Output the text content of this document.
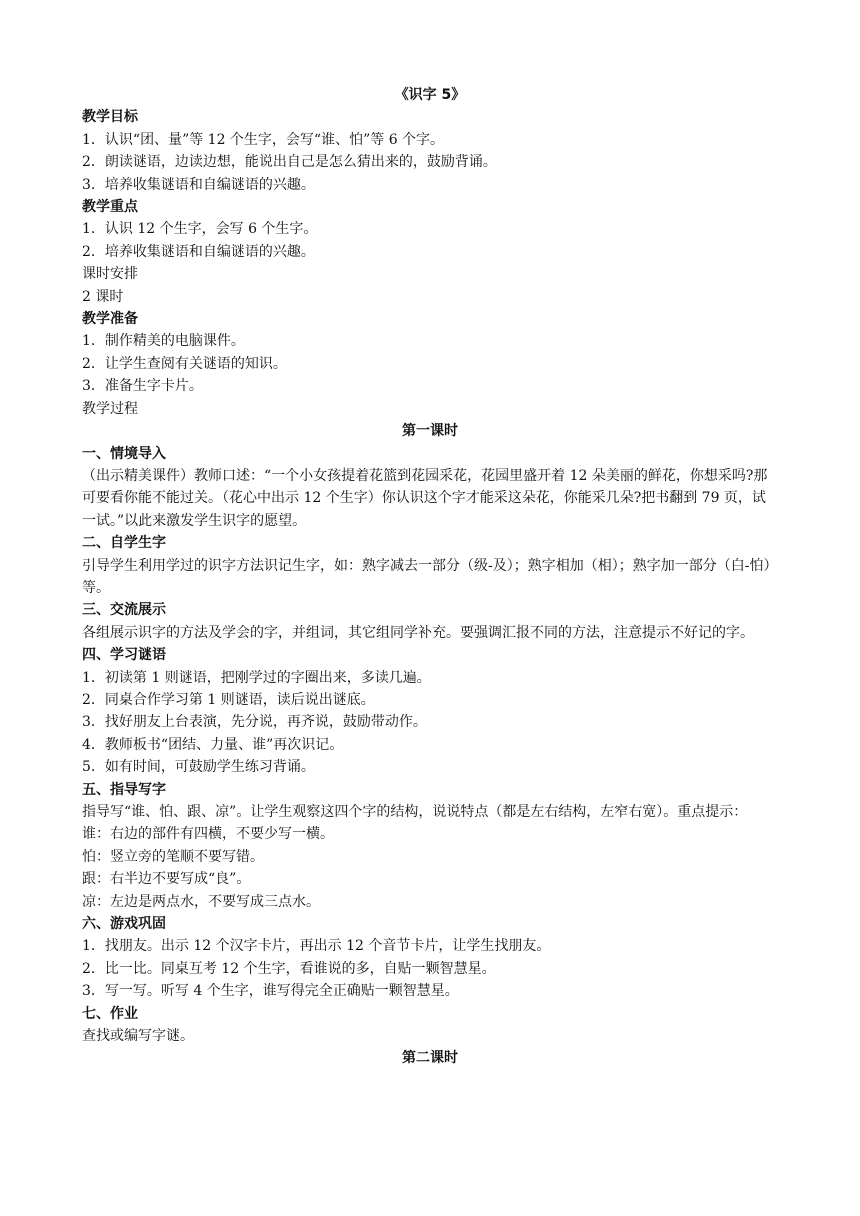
《识字 5》
教学目标
1．认识“团、量”等 12 个生字，会写“谁、怕”等 6 个字。
2．朗读谜语，边读边想，能说出自己是怎么猜出来的，鼓励背诵。
3．培养收集谜语和自编谜语的兴趣。
教学重点
1．认识 12 个生字，会写 6 个生字。
2．培养收集谜语和自编谜语的兴趣。
课时安排
2 课时
教学准备
1．制作精美的电脑课件。
2．让学生查阅有关谜语的知识。
3．准备生字卡片。
教学过程
第一课时
一、情境导入
（出示精美课件）教师口述：“一个小女孩提着花篮到花园采花，花园里盛开着 12 朵美丽的鲜花，你想采吗?那可要看你能不能过关。（花心中出示 12 个生字）你认识这个字才能采这朵花，你能采几朵?把书翻到 79 页，试一试。”以此来激发学生识字的愿望。
二、自学生字
引导学生利用学过的识字方法识记生字，如：熟字减去一部分（级-及）；熟字相加（相）；熟字加一部分（白-怕）等。
三、交流展示
各组展示识字的方法及学会的字，并组词，其它组同学补充。要强调汇报不同的方法，注意提示不好记的字。
四、学习谜语
1．初读第 1 则谜语，把刚学过的字圈出来，多读几遍。
2．同桌合作学习第 1 则谜语，读后说出谜底。
3．找好朋友上台表演，先分说，再齐说，鼓励带动作。
4．教师板书“团结、力量、谁”再次识记。
5．如有时间，可鼓励学生练习背诵。
五、指导写字
指导写“谁、怕、跟、凉”。让学生观察这四个字的结构，说说特点（都是左右结构，左窄右宽）。重点提示：
谁：右边的部件有四横，不要少写一横。
怕：竖立旁的笔顺不要写错。
跟：右半边不要写成“良”。
凉：左边是两点水，不要写成三点水。
六、游戏巩固
1．找朋友。出示 12 个汉字卡片，再出示 12 个音节卡片，让学生找朋友。
2．比一比。同桌互考 12 个生字，看谁说的多，自贴一颗智慧星。
3．写一写。听写 4 个生字，谁写得完全正确贴一颗智慧星。
七、作业
查找或编写字谜。
第二课时
